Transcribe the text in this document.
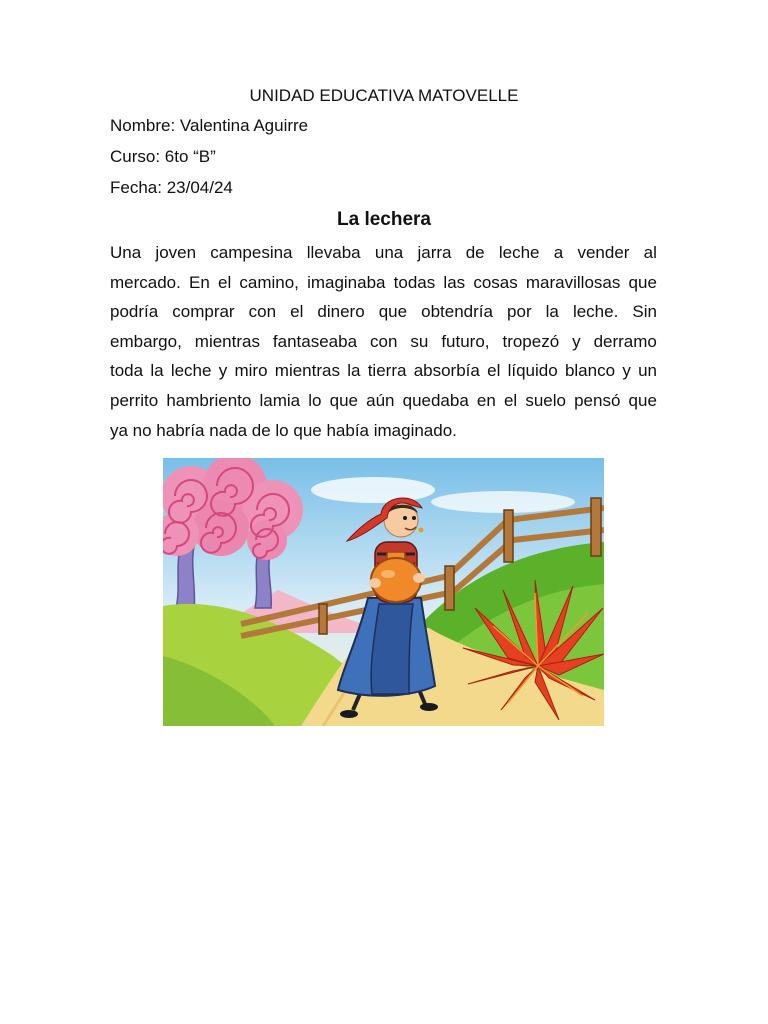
UNIDAD EDUCATIVA MATOVELLE
Nombre: Valentina Aguirre
Curso: 6to “B”
Fecha: 23/04/24
La lechera
Una joven campesina llevaba una jarra de leche a vender al
mercado. En el camino, imaginaba todas las cosas maravillosas que
podría comprar con el dinero que obtendría por la leche. Sin
embargo, mientras fantaseaba con su futuro, tropezó y derramo
toda la leche y miro mientras la tierra absorbía el líquido blanco y un
perrito hambriento lamia lo que aún quedaba en el suelo pensó que
ya no habría nada de lo que había imaginado.
